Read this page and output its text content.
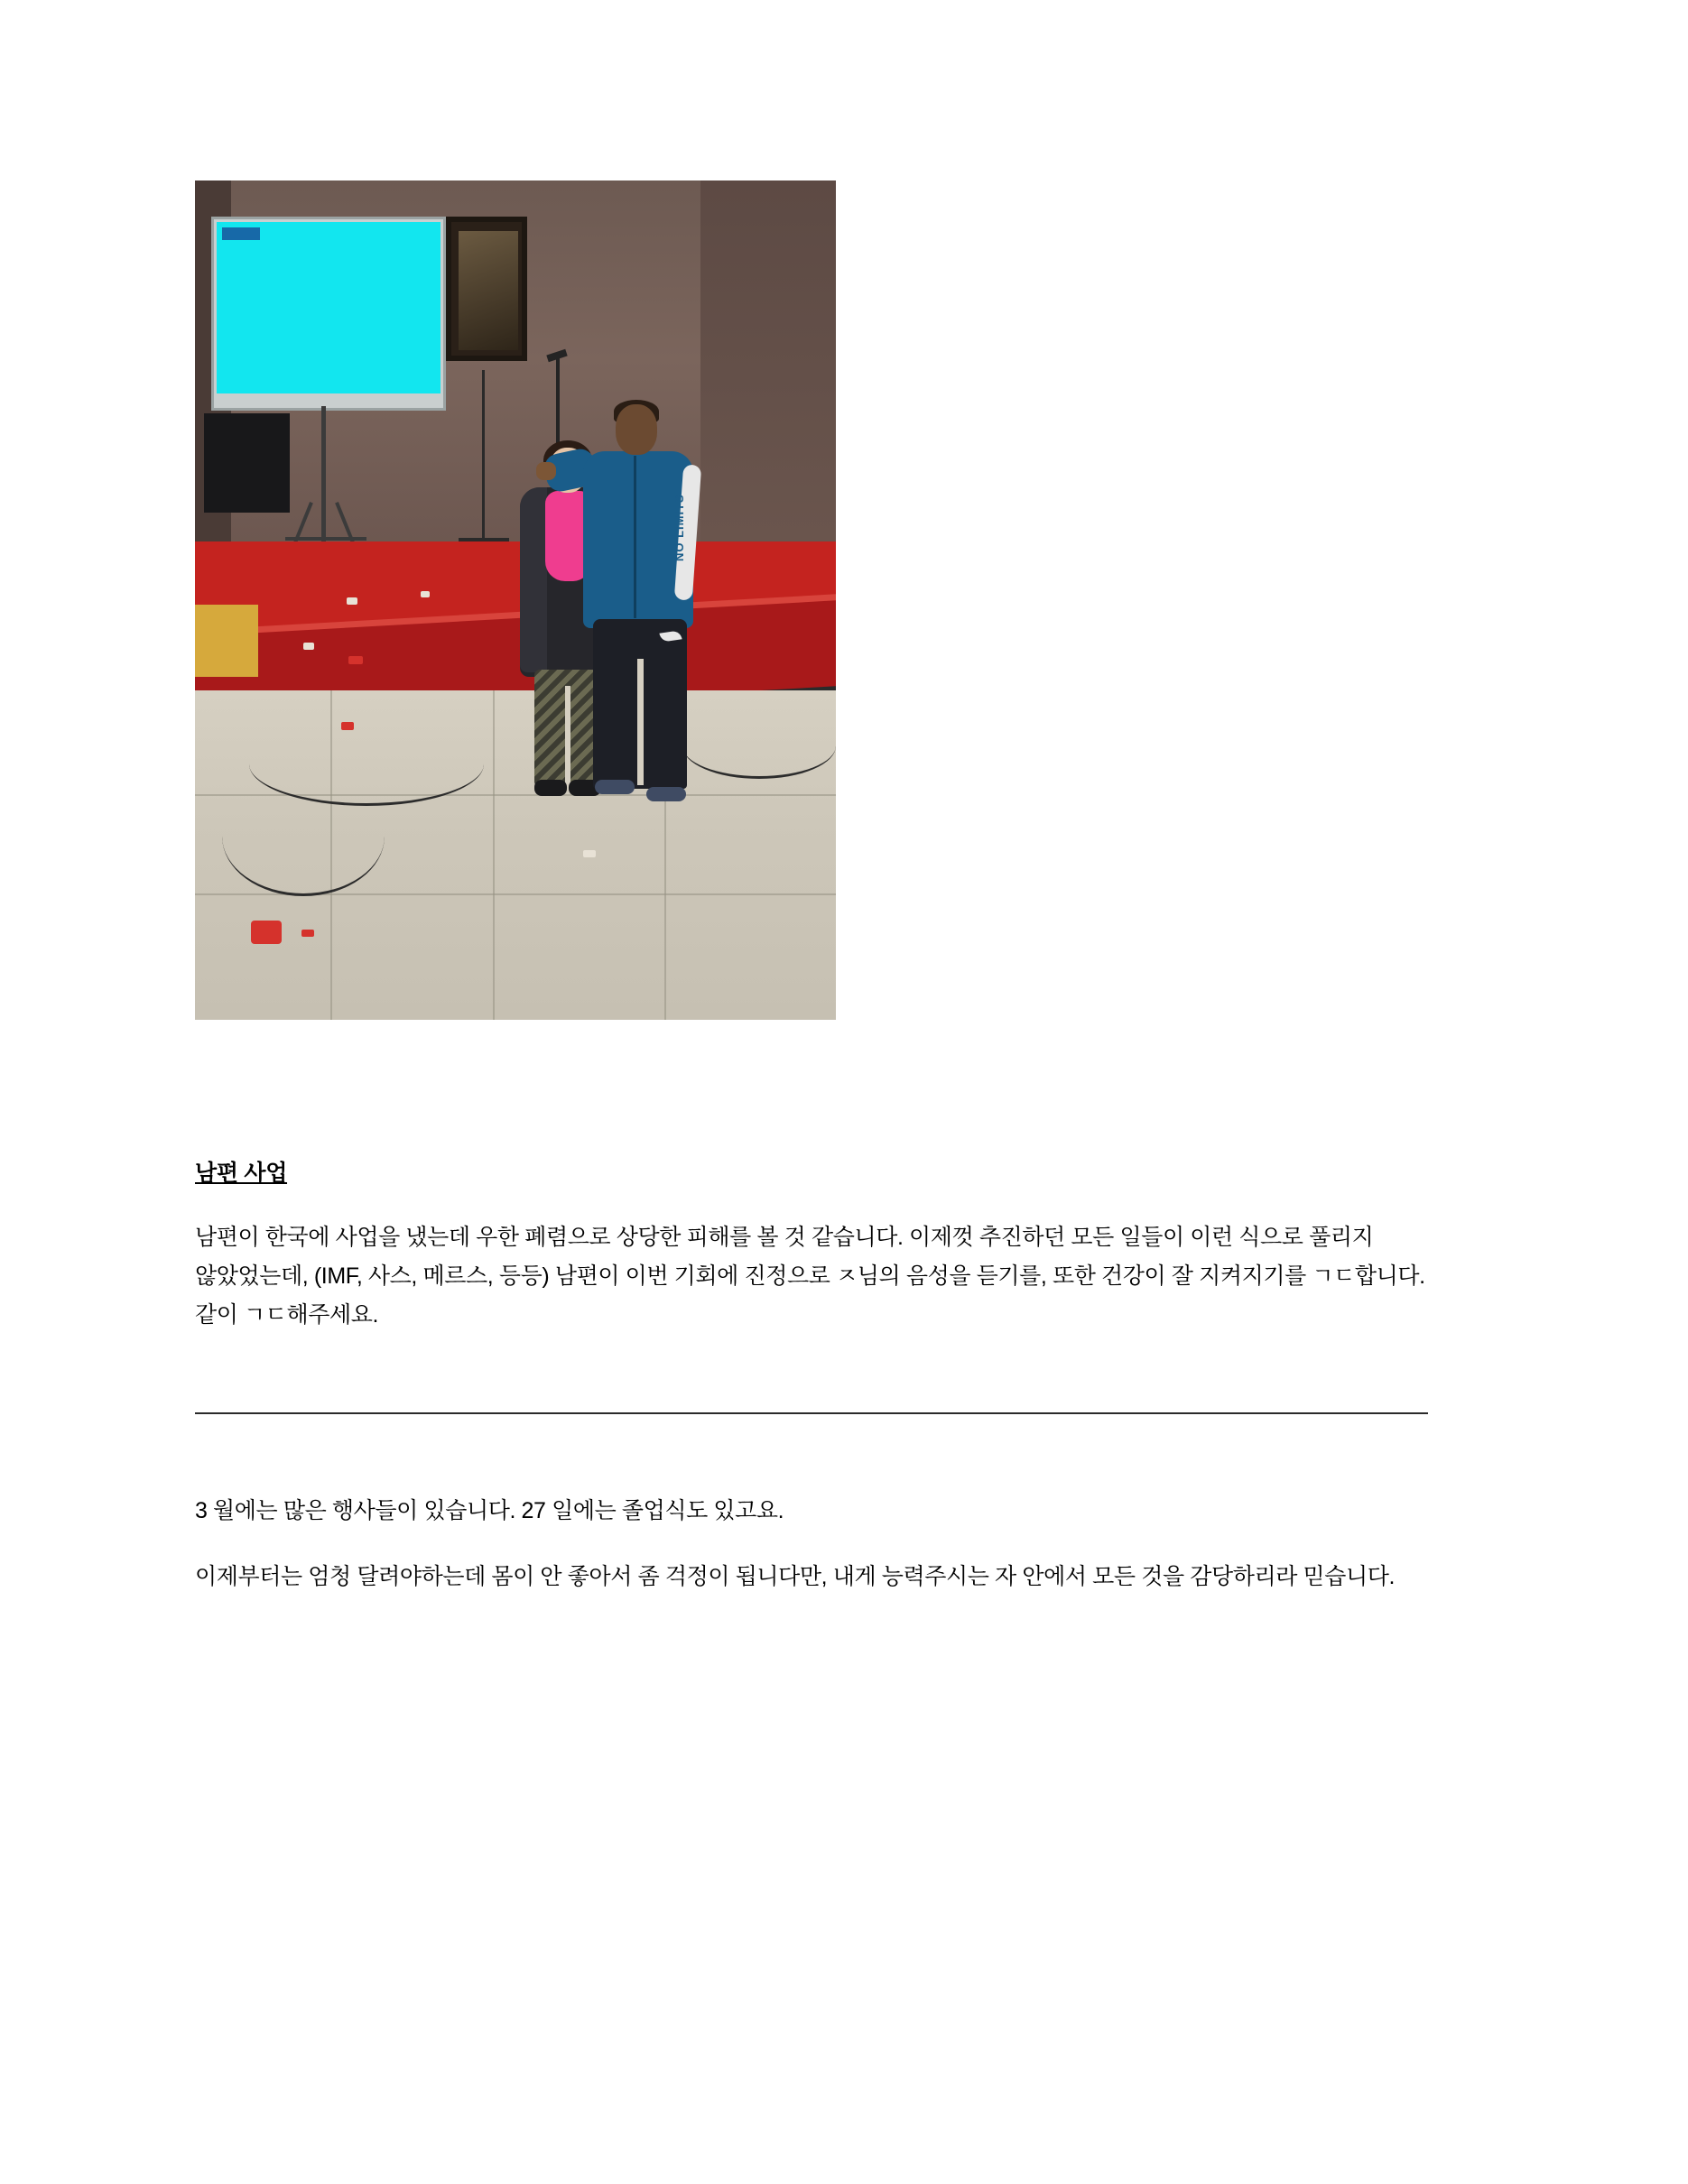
NO LIMITS
남편 사업

남편이 한국에 사업을 냈는데 우한 폐렴으로 상당한 피해를 볼 것 같습니다. 이제껏 추진하던 모든 일들이 이런 식으로 풀리지 않았었는데, (IMF, 사스, 메르스, 등등) 남편이 이번 기회에 진정으로 ㅈ님의 음성을 듣기를, 또한 건강이 잘 지켜지기를 ㄱㄷ합니다. 같이 ㄱㄷ해주세요.

3 월에는 많은 행사들이 있습니다. 27 일에는 졸업식도 있고요.

이제부터는 엄청 달려야하는데 몸이 안 좋아서 좀 걱정이 됩니다만, 내게 능력주시는 자 안에서 모든 것을 감당하리라 믿습니다.
